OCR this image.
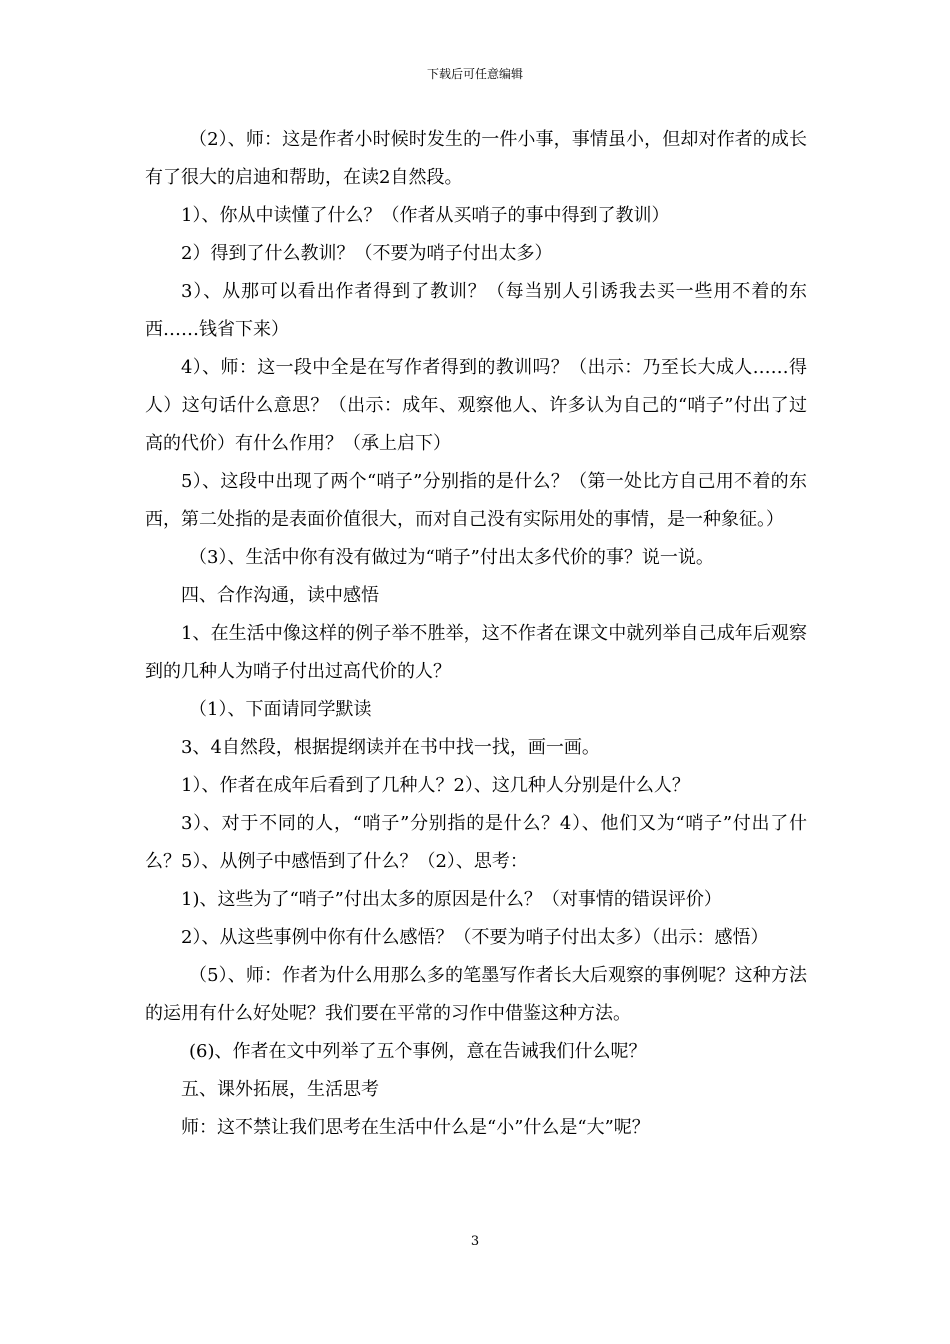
下载后可任意编辑

（2）、师：这是作者小时候时发生的一件小事，事情虽小，但却对作者的成长有了很大的启迪和帮助，在读2自然段。

1）、你从中读懂了什么？（作者从买哨子的事中得到了教训）

2）得到了什么教训？（不要为哨子付出太多）

3）、从那可以看出作者得到了教训？（每当别人引诱我去买一些用不着的东西……钱省下来）

4）、师：这一段中全是在写作者得到的教训吗？（出示：乃至长大成人……得人）这句话什么意思？（出示：成年、观察他人、许多认为自己的“哨子”付出了过高的代价）有什么作用？（承上启下）

5）、这段中出现了两个“哨子”分别指的是什么？（第一处比方自己用不着的东西，第二处指的是表面价值很大，而对自己没有实际用处的事情，是一种象征。）

（3）、生活中你有没有做过为“哨子”付出太多代价的事？说一说。

四、合作沟通，读中感悟

1、在生活中像这样的例子举不胜举，这不作者在课文中就列举自己成年后观察到的几种人为哨子付出过高代价的人？

（1）、下面请同学默读

3、4自然段，根据提纲读并在书中找一找，画一画。

1）、作者在成年后看到了几种人？2）、这几种人分别是什么人？

3）、对于不同的人，“哨子”分别指的是什么？4）、他们又为“哨子”付出了什么？5）、从例子中感悟到了什么？（2）、思考：

1)、这些为了“哨子”付出太多的原因是什么？（对事情的错误评价）

2）、从这些事例中你有什么感悟？（不要为哨子付出太多）（出示：感悟）

（5）、师：作者为什么用那么多的笔墨写作者长大后观察的事例呢？这种方法的运用有什么好处呢？我们要在平常的习作中借鉴这种方法。

(6)、作者在文中列举了五个事例，意在告诫我们什么呢？

五、课外拓展，生活思考

师：这不禁让我们思考在生活中什么是“小”什么是“大”呢？

3
